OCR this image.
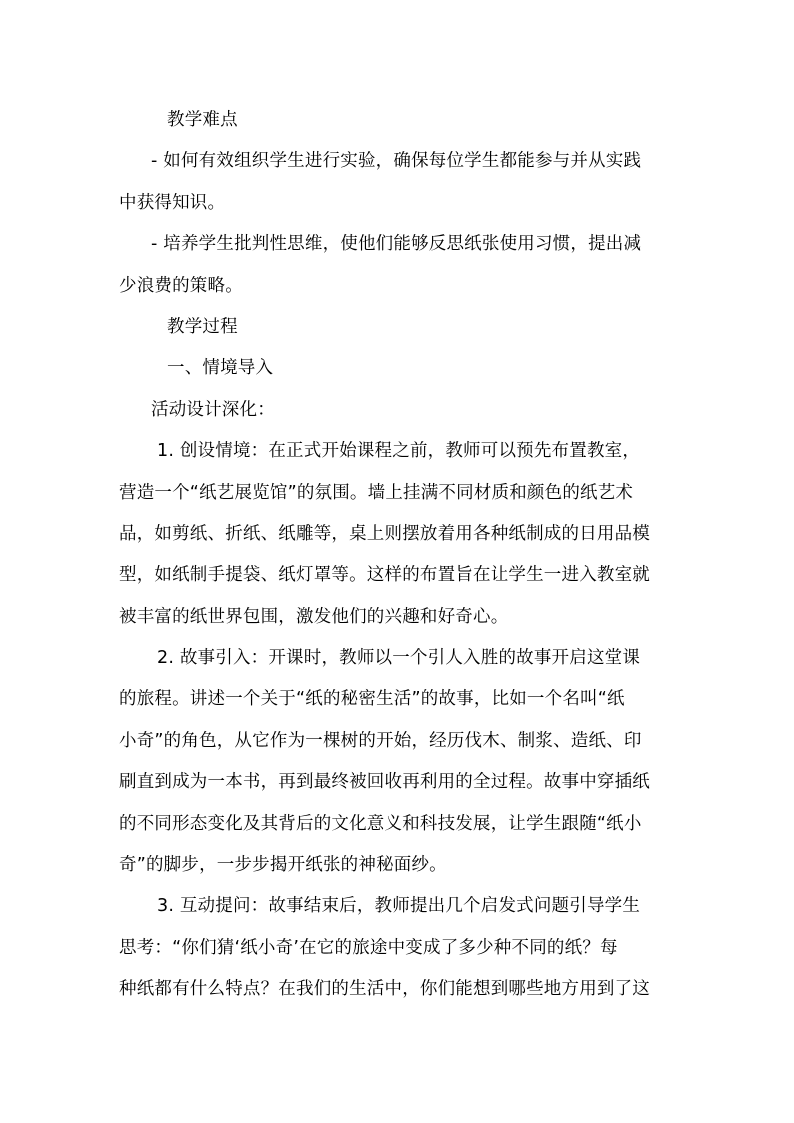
教学难点
- 如何有效组织学生进行实验，确保每位学生都能参与并从实践
中获得知识。
- 培养学生批判性思维，使他们能够反思纸张使用习惯，提出减
少浪费的策略。
教学过程
一、情境导入
活动设计深化：
1. 创设情境：在正式开始课程之前，教师可以预先布置教室，
营造一个“纸艺展览馆”的氛围。墙上挂满不同材质和颜色的纸艺术
品，如剪纸、折纸、纸雕等，桌上则摆放着用各种纸制成的日用品模
型，如纸制手提袋、纸灯罩等。这样的布置旨在让学生一进入教室就
被丰富的纸世界包围，激发他们的兴趣和好奇心。
2. 故事引入：开课时，教师以一个引人入胜的故事开启这堂课
的旅程。讲述一个关于“纸的秘密生活”的故事，比如一个名叫“纸
小奇”的角色，从它作为一棵树的开始，经历伐木、制浆、造纸、印
刷直到成为一本书，再到最终被回收再利用的全过程。故事中穿插纸
的不同形态变化及其背后的文化意义和科技发展，让学生跟随“纸小
奇”的脚步，一步步揭开纸张的神秘面纱。
3. 互动提问：故事结束后，教师提出几个启发式问题引导学生
思考：“你们猜‘纸小奇’在它的旅途中变成了多少种不同的纸？每
种纸都有什么特点？在我们的生活中，你们能想到哪些地方用到了这
